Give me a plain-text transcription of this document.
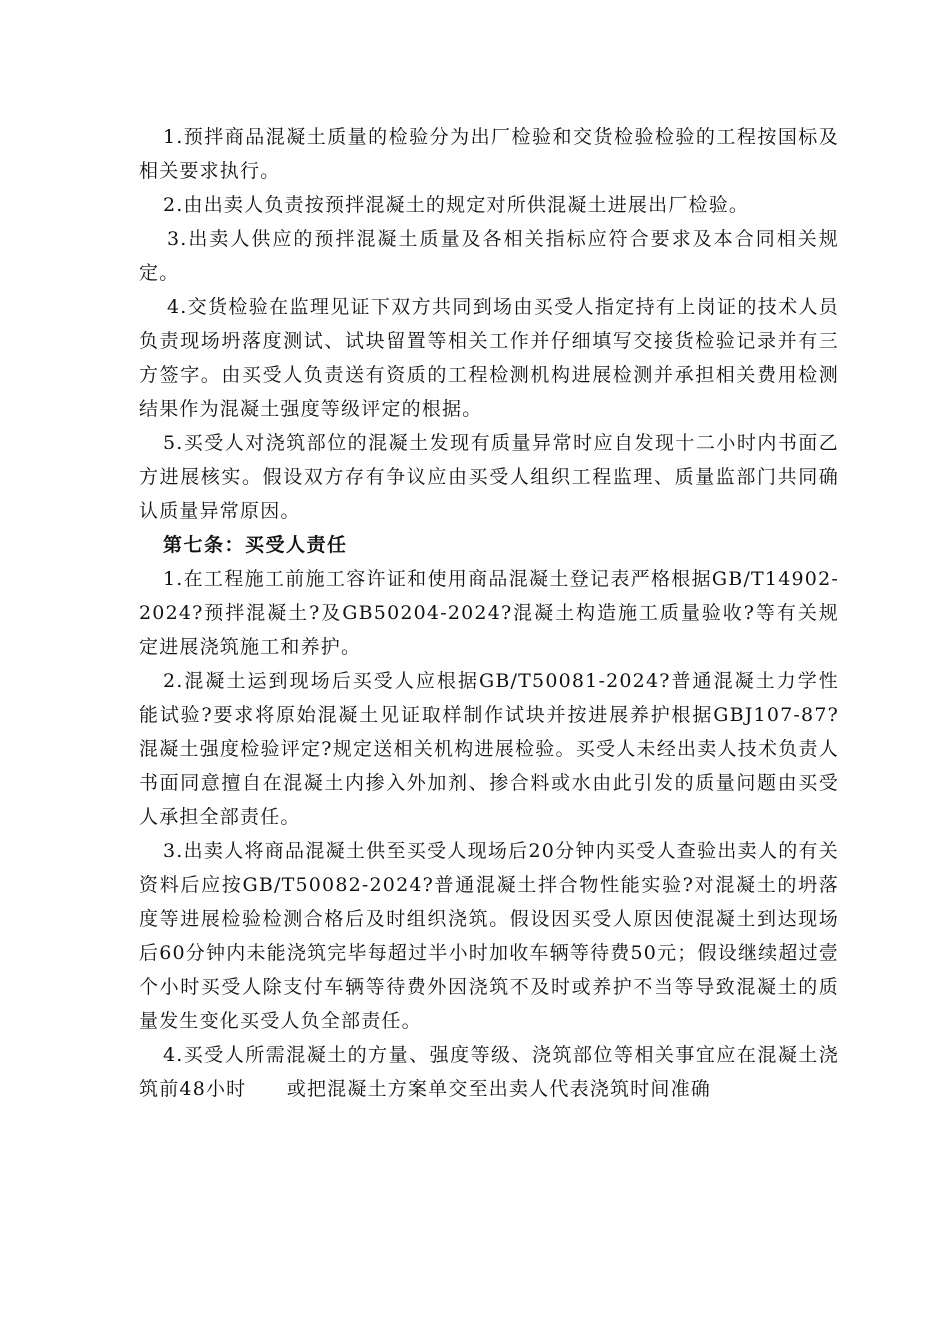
1.预拌商品混凝土质量的检验分为出厂检验和交货检验检验的工程按国标及相关要求执行。

2.由出卖人负责按预拌混凝土的规定对所供混凝土进展出厂检验。

3.出卖人供应的预拌混凝土质量及各相关指标应符合要求及本合同相关规定。

4.交货检验在监理见证下双方共同到场由买受人指定持有上岗证的技术人员负责现场坍落度测试、试块留置等相关工作并仔细填写交接货检验记录并有三方签字。由买受人负责送有资质的工程检测机构进展检测并承担相关费用检测结果作为混凝土强度等级评定的根据。

5.买受人对浇筑部位的混凝土发现有质量异常时应自发现十二小时内书面乙方进展核实。假设双方存有争议应由买受人组织工程监理、质量监部门共同确认质量异常原因。

第七条：买受人责任

1.在工程施工前施工容许证和使用商品混凝土登记表严格根据GB/T14902-2024?预拌混凝土?及GB50204-2024?混凝土构造施工质量验收?等有关规定进展浇筑施工和养护。

2.混凝土运到现场后买受人应根据GB/T50081-2024?普通混凝土力学性能试验?要求将原始混凝土见证取样制作试块并按进展养护根据GBJ107-87?混凝土强度检验评定?规定送相关机构进展检验。买受人未经出卖人技术负责人书面同意擅自在混凝土内掺入外加剂、掺合料或水由此引发的质量问题由买受人承担全部责任。

3.出卖人将商品混凝土供至买受人现场后20分钟内买受人查验出卖人的有关资料后应按GB/T50082-2024?普通混凝土拌合物性能实验?对混凝土的坍落度等进展检验检测合格后及时组织浇筑。假设因买受人原因使混凝土到达现场后60分钟内未能浇筑完毕每超过半小时加收车辆等待费50元；假设继续超过壹个小时买受人除支付车辆等待费外因浇筑不及时或养护不当等导致混凝土的质量发生变化买受人负全部责任。

4.买受人所需混凝土的方量、强度等级、浇筑部位等相关事宜应在混凝土浇筑前48小时　　或把混凝土方案单交至出卖人代表浇筑时间准确
